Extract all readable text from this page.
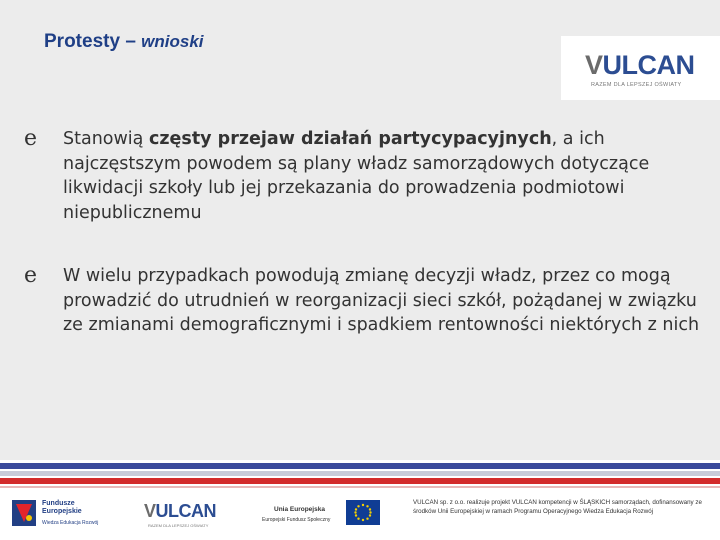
Protesty – wnioski
VULCAN
RAZEM DLA LEPSZEJ OŚWIATY
e	Stanowią częsty przejaw działań partycypacyjnych, a ich najczęstszym powodem są plany władz samorządowych dotyczące likwidacji szkoły lub jej przekazania do prowadzenia podmiotowi niepublicznemu
e	W wielu przypadkach powodują zmianę decyzji władz, przez co mogą prowadzić do utrudnień w reorganizacji sieci szkół, pożądanej w związku ze zmianami demograficznymi i spadkiem rentowności niektórych z nich
Fundusze
Europejskie
Wiedza Edukacja Rozwój
VULCAN
RAZEM DLA LEPSZEJ OŚWIATY
Unia Europejska
Europejski Fundusz Społeczny
VULCAN sp. z o.o. realizuje projekt VULCAN kompetencji w ŚLĄSKICH samorządach, dofinansowany ze środków Unii Europejskiej w ramach Programu Operacyjnego Wiedza Edukacja Rozwój
